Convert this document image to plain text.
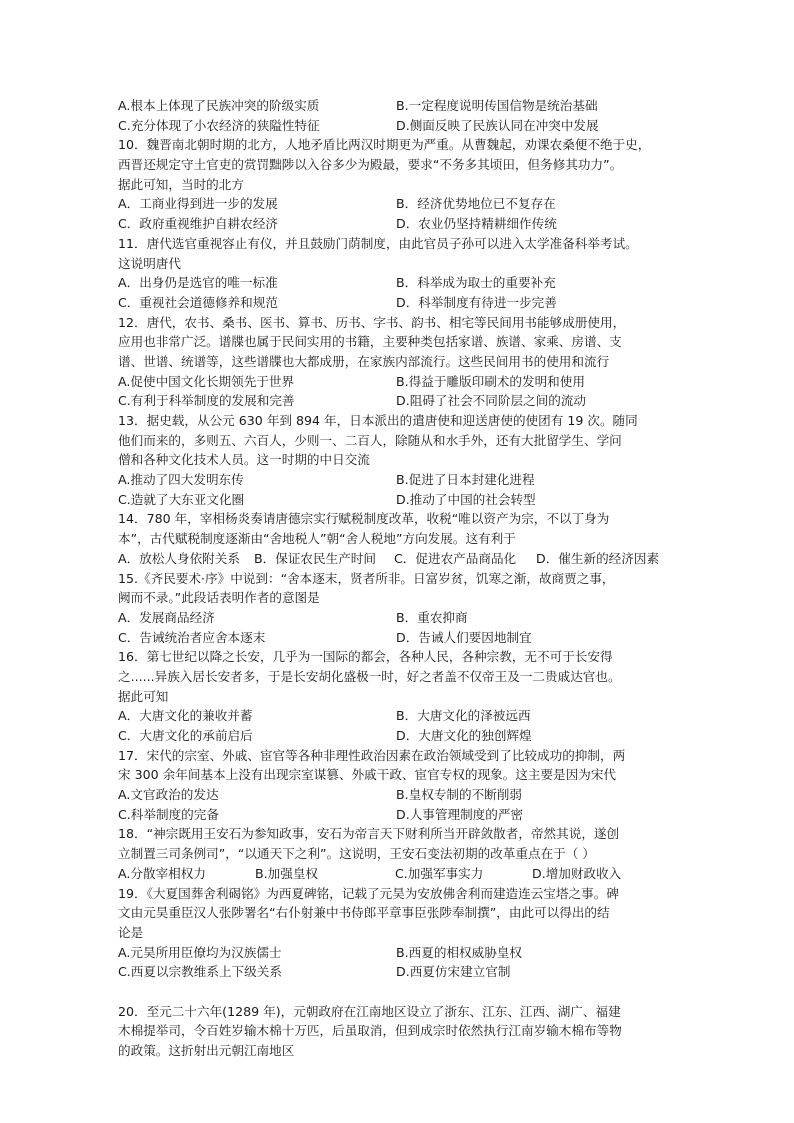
A.根本上体现了民族冲突的阶级实质	B.一定程度说明传国信物是统治基础
C.充分体现了小农经济的狭隘性特征	D.侧面反映了民族认同在冲突中发展
10．魏晋南北朝时期的北方，人地矛盾比两汉时期更为严重。从曹魏起，劝课农桑便不绝于史，
西晋还规定守土官吏的赏罚黜陟以入谷多少为殿最，要求“不务多其顷田，但务修其功力”。
据此可知，当时的北方
A．工商业得到进一步的发展	B．经济优势地位已不复存在
C．政府重视维护自耕农经济	D．农业仍坚持精耕细作传统
11．唐代选官重视容止有仪，并且鼓励门荫制度，由此官员子孙可以进入太学准备科举考试。
这说明唐代
A．出身仍是选官的唯一标准	B．科举成为取士的重要补充
C．重视社会道德修养和规范	D．科举制度有待进一步完善
12．唐代，农书、桑书、医书、算书、历书、字书、韵书、相宅等民间用书能够成册使用，
应用也非常广泛。谱牒也属于民间实用的书籍，主要种类包括家谱、族谱、家乘、房谱、支
谱、世谱、统谱等，这些谱牒也大都成册，在家族内部流行。这些民间用书的使用和流行
A.促使中国文化长期领先于世界	B.得益于雕版印刷术的发明和使用
C.有利于科举制度的发展和完善	D.阻碍了社会不同阶层之间的流动
13．据史载，从公元 630 年到 894 年，日本派出的遣唐使和迎送唐使的使团有 19 次。随同
他们而来的，多则五、六百人，少则一、二百人，除随从和水手外，还有大批留学生、学问
僧和各种文化技术人员。这一时期的中日交流
A.推动了四大发明东传	B.促进了日本封建化进程
C.造就了大东亚文化圈	D.推动了中国的社会转型
14．780 年，宰相杨炎奏请唐德宗实行赋税制度改革，收税“唯以资产为宗，不以丁身为
本”，古代赋税制度逐渐由“舍地税人”朝“舍人税地”方向发展。这有利于
A．放松人身依附关系	B．保证农民生产时间	C．促进农产品商品化	D．催生新的经济因素
15.《齐民要术·序》中说到：“舍本逐末，贤者所非。日富岁贫，饥寒之渐，故商贾之事，
阙而不录。”此段话表明作者的意图是
A．发展商品经济	B．重农抑商
C．告诫统治者应舍本逐末	D．告诫人们要因地制宜
16．第七世纪以降之长安，几乎为一国际的都会，各种人民，各种宗教，无不可于长安得
之......异族入居长安者多，于是长安胡化盛极一时，好之者盖不仅帝王及一二贵戚达官也。
据此可知
A．大唐文化的兼收并蓄	B．大唐文化的泽被远西
C．大唐文化的承前启后	D．大唐文化的独创辉煌
17．宋代的宗室、外戚、宦官等各种非理性政治因素在政治领域受到了比较成功的抑制，两
宋 300 余年间基本上没有出现宗室谋篡、外戚干政、宦官专权的现象。这主要是因为宋代
A.文官政治的发达	B.皇权专制的不断削弱
C.科举制度的完备	D.人事管理制度的严密
18．“神宗既用王安石为参知政事，安石为帝言天下财利所当开辟敛散者，帝然其说，遂创
立制置三司条例司”，“以通天下之利”。这说明，王安石变法初期的改革重点在于（ ）
A.分散宰相权力	B.加强皇权	C.加强军事实力	D.增加财政收入
19．《大夏国葬舍利碣铭》为西夏碑铭，记载了元昊为安放佛舍利而建造连云宝塔之事。碑
文由元昊重臣汉人张陟署名“右仆射兼中书侍郎平章事臣张陟奉制撰”，由此可以得出的结
论是
A.元昊所用臣僚均为汉族儒士	B.西夏的相权威胁皇权
C.西夏以宗教维系上下级关系	D.西夏仿宋建立官制
20．至元二十六年(1289 年)，元朝政府在江南地区设立了浙东、江东、江西、湖广、福建
木棉提举司，令百姓岁输木棉十万匹，后虽取消，但到成宗时依然执行江南岁输木棉布等物
的政策。这折射出元朝江南地区
